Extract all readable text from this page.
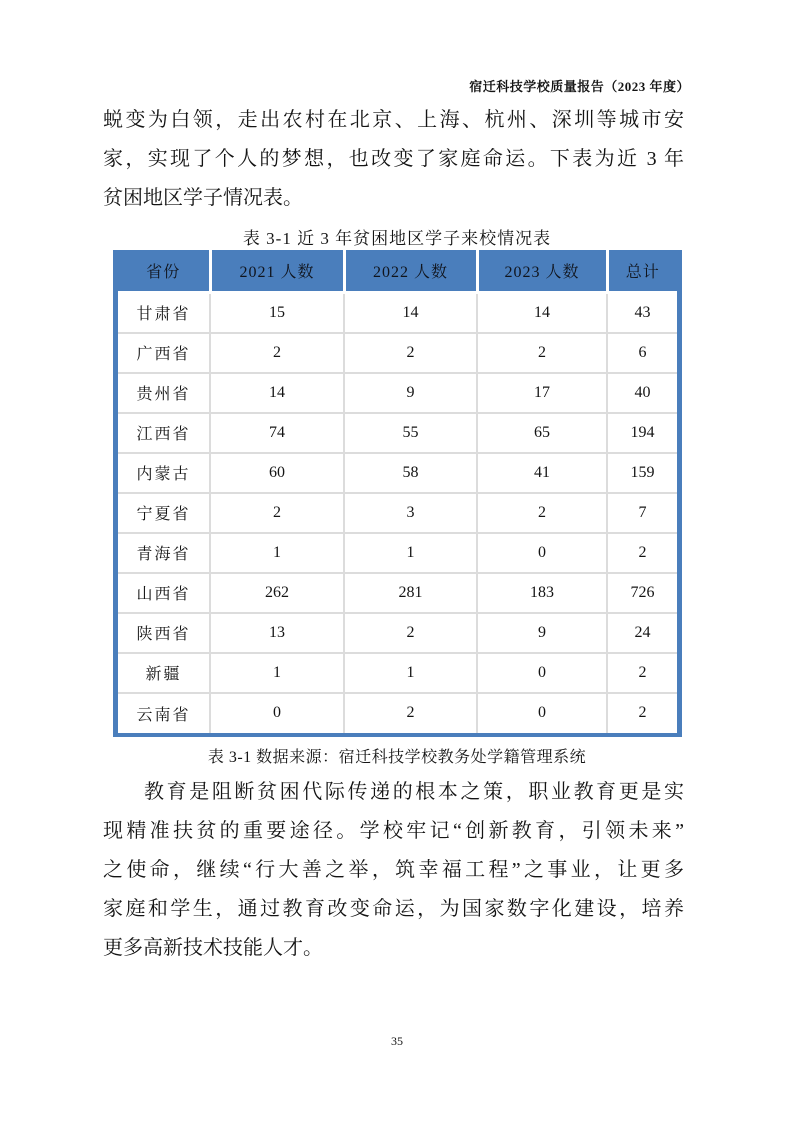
宿迁科技学校质量报告（2023 年度）
蜕变为白领，走出农村在北京、上海、杭州、深圳等城市安
家，实现了个人的梦想，也改变了家庭命运。下表为近 3 年
贫困地区学子情况表。
表 3-1 近 3 年贫困地区学子来校情况表
省份	2021 人数	2022 人数	2023 人数	总计
甘肃省	15	14	14	43
广西省	2	2	2	6
贵州省	14	9	17	40
江西省	74	55	65	194
内蒙古	60	58	41	159
宁夏省	2	3	2	7
青海省	1	1	0	2
山西省	262	281	183	726
陕西省	13	2	9	24
新疆	1	1	0	2
云南省	0	2	0	2
表 3-1 数据来源：宿迁科技学校教务处学籍管理系统
教育是阻断贫困代际传递的根本之策，职业教育更是实
现精准扶贫的重要途径。学校牢记“创新教育，引领未来”
之使命，继续“行大善之举，筑幸福工程”之事业，让更多
家庭和学生，通过教育改变命运，为国家数字化建设，培养
更多高新技术技能人才。
35
